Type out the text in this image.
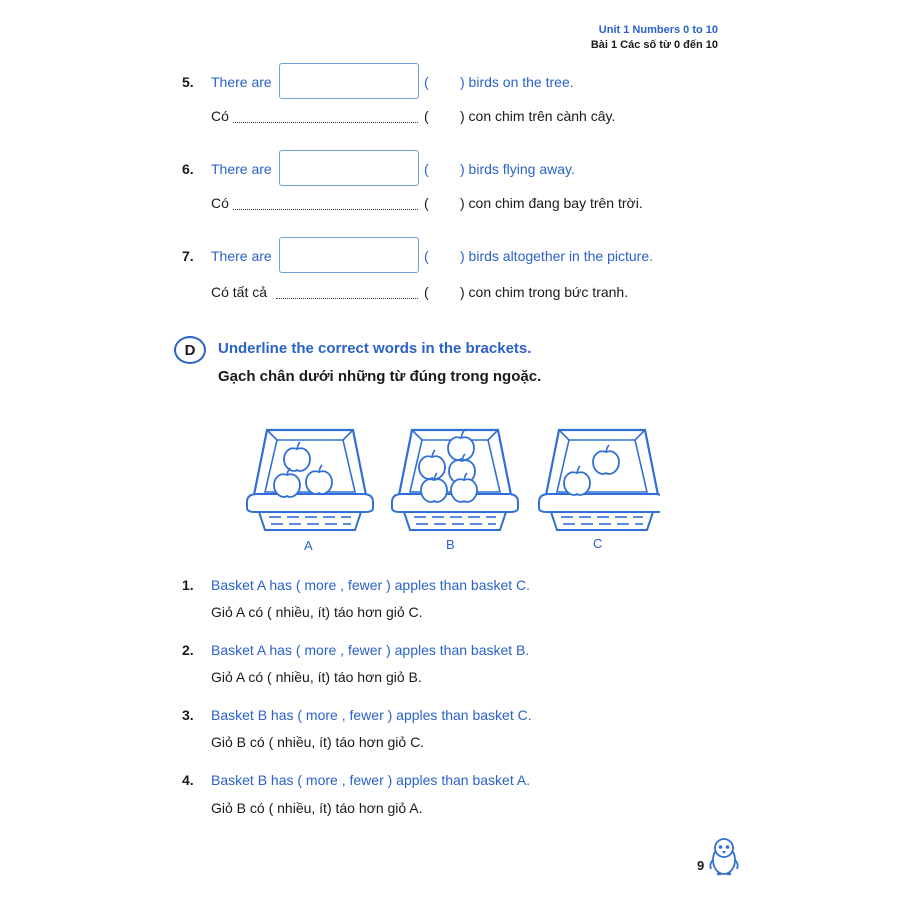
Unit 1 Numbers 0 to 10
Bài 1 Các số từ 0 đến 10
5. There are	( ) birds on the tree.
Có	( ) con chim trên cành cây.
6. There are	( ) birds flying away.
Có	( ) con chim đang bay trên trời.
7. There are	( ) birds altogether in the picture.
Có tất cả	( ) con chim trong bức tranh.
D	Underline the correct words in the brackets.
Gạch chân dưới những từ đúng trong ngoặc.
A	B	C
1. Basket A has ( more , fewer ) apples than basket C.
Giỏ A có ( nhiều, ít) táo hơn giỏ C.
2. Basket A has ( more , fewer ) apples than basket B.
Giỏ A có ( nhiều, ít) táo hơn giỏ B.
3. Basket B has ( more , fewer ) apples than basket C.
Giỏ B có ( nhiều, ít) táo hơn giỏ C.
4. Basket B has ( more , fewer ) apples than basket A.
Giỏ B có ( nhiều, ít) táo hơn giỏ A.
9
